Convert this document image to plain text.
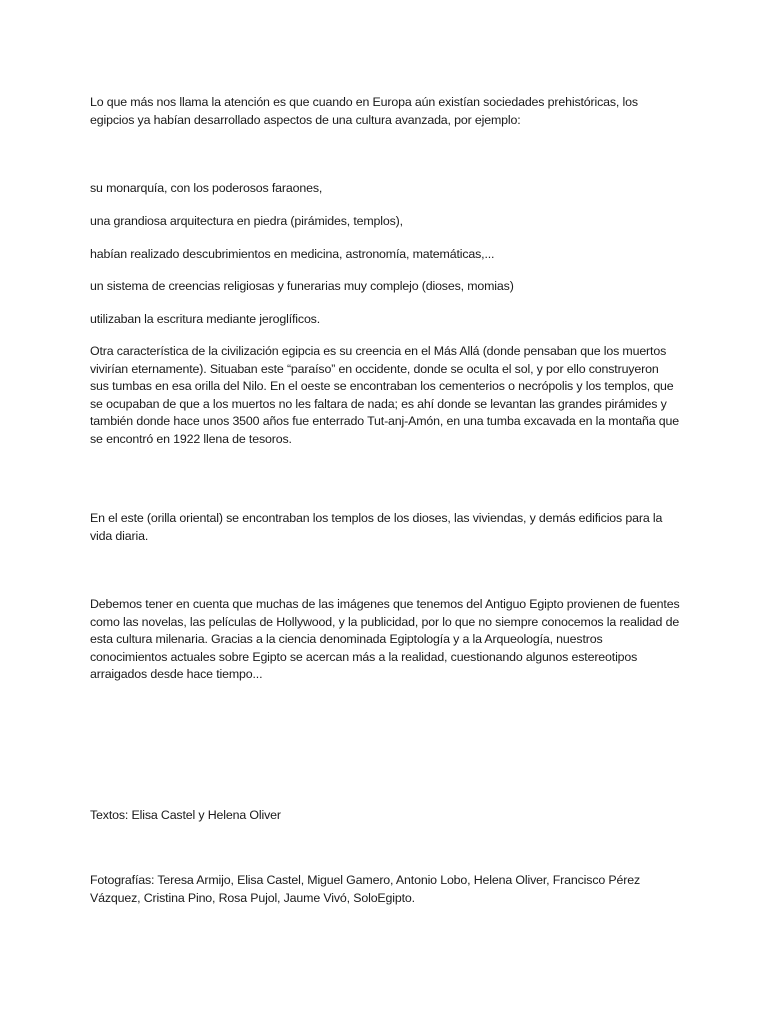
Lo que más nos llama la atención es que cuando en Europa aún existían sociedades prehistóricas, los egipcios ya habían desarrollado aspectos de una cultura avanzada, por ejemplo:

su monarquía, con los poderosos faraones,

una grandiosa arquitectura en piedra (pirámides, templos),

habían realizado descubrimientos en medicina, astronomía, matemáticas,...

un sistema de creencias religiosas y funerarias muy complejo (dioses, momias)

utilizaban la escritura mediante jeroglíficos.

Otra característica de la civilización egipcia es su creencia en el Más Allá (donde pensaban que los muertos vivirían eternamente). Situaban este “paraíso” en occidente, donde se oculta el sol, y por ello construyeron sus tumbas en esa orilla del Nilo. En el oeste se encontraban los cementerios o necrópolis y los templos, que se ocupaban de que a los muertos no les faltara de nada; es ahí donde se levantan las grandes pirámides y también donde hace unos 3500 años fue enterrado Tut-anj-Amón, en una tumba excavada en la montaña que se encontró en 1922 llena de tesoros.

En el este (orilla oriental) se encontraban los templos de los dioses, las viviendas, y demás edificios para la vida diaria.

Debemos tener en cuenta que muchas de las imágenes que tenemos del Antiguo Egipto provienen de fuentes como las novelas, las películas de Hollywood, y la publicidad, por lo que no siempre conocemos la realidad de esta cultura milenaria. Gracias a la ciencia denominada Egiptología y a la Arqueología, nuestros conocimientos actuales sobre Egipto se acercan más a la realidad, cuestionando algunos estereotipos arraigados desde hace tiempo...

Textos: Elisa Castel y Helena Oliver

Fotografías: Teresa Armijo, Elisa Castel, Miguel Gamero, Antonio Lobo, Helena Oliver, Francisco Pérez Vázquez, Cristina Pino, Rosa Pujol, Jaume Vivó, SoloEgipto.
